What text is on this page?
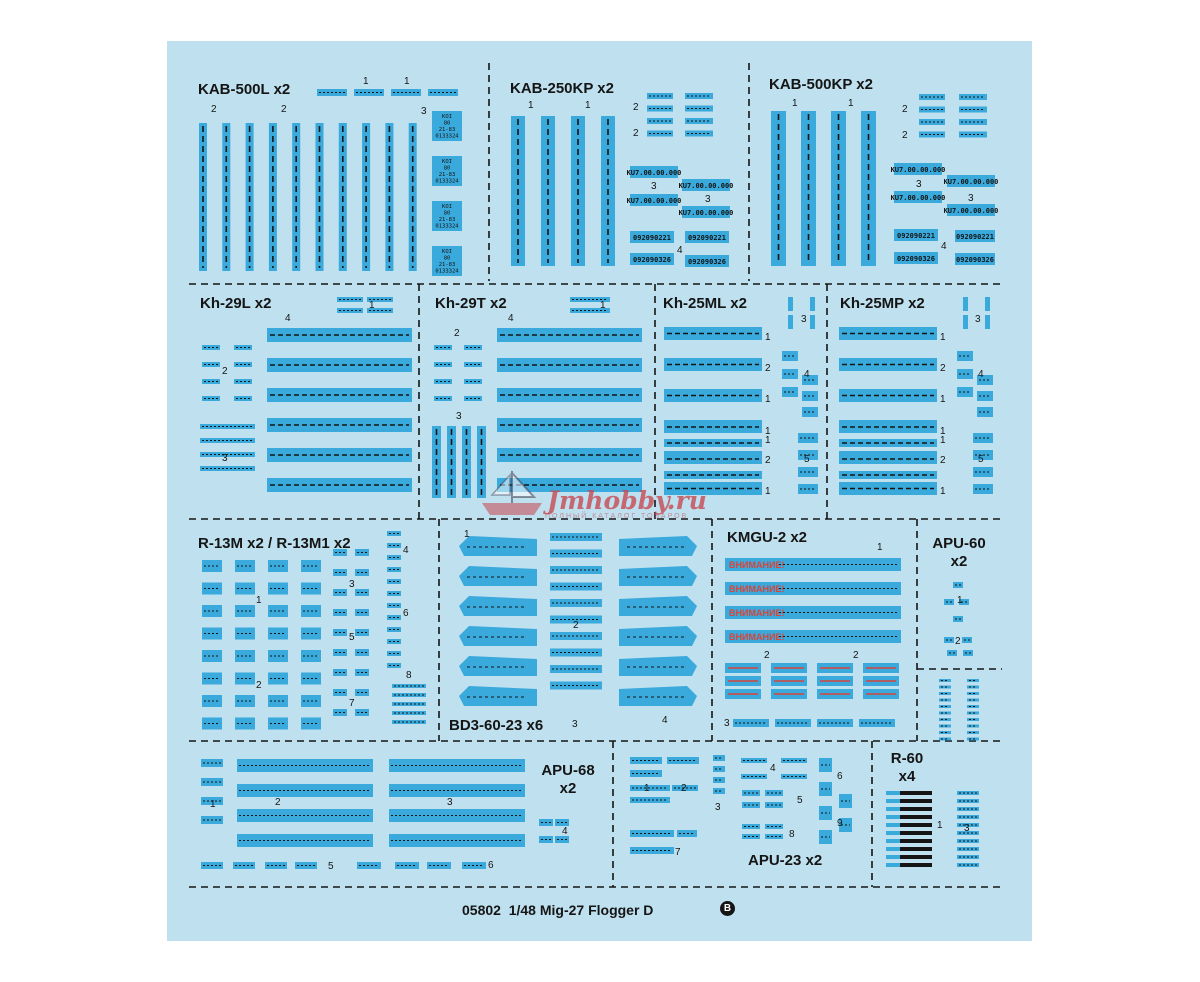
KOI
80
21-83
0133324
KOI
80
21-83
0133324
KOI
80
21-83
0133324
KOI
80
21-83
0133324
KU7.00.00.000
KU7.00.00.000
KU7.00.00.000
KU7.00.00.000
092090221 092090221
092090326 092090326
KU7.00.00.000
KU7.00.00.000
KU7.00.00.000
KU7.00.00.000
092090221	092090221
092090326	092090326
ВНИМАНИЕ!
ВНИМАНИЕ!
ВНИМАНИЕ!
ВНИМАНИЕ!
KAB-500L x2	KAB-250KP x2	KAB-500KP x2
Kh-29L x2	Kh-29T x2	Kh-25ML x2	Kh-25MP x2
R-13M x2 / R-13M1 x2
BD3-60-23 x6
KMGU-2 x2	APU-60
x2
APU-68
x2
APU-23 x2
R-60
x4
1	1
2	2	3
1	1	2
2
3
3
4
1	1
2
2
3
3
4
1
2
3
4
1
2
3
4
1
1
1
1
1
2
2
3
4
5
1
1
1
1
1
2
2
3
4
5
1
2
3
4
5
6
7
8
1
2
3	4
1
2	2
3
1
2
1	2	3
4
5	6
1	2
3
4
5
6
7
8
9	1 3
Jmhobby.ru
ПОЛНЫЙ КАТАЛОГ ТОВАРОВ
05802  1/48 Mig-27 Flogger D	B
